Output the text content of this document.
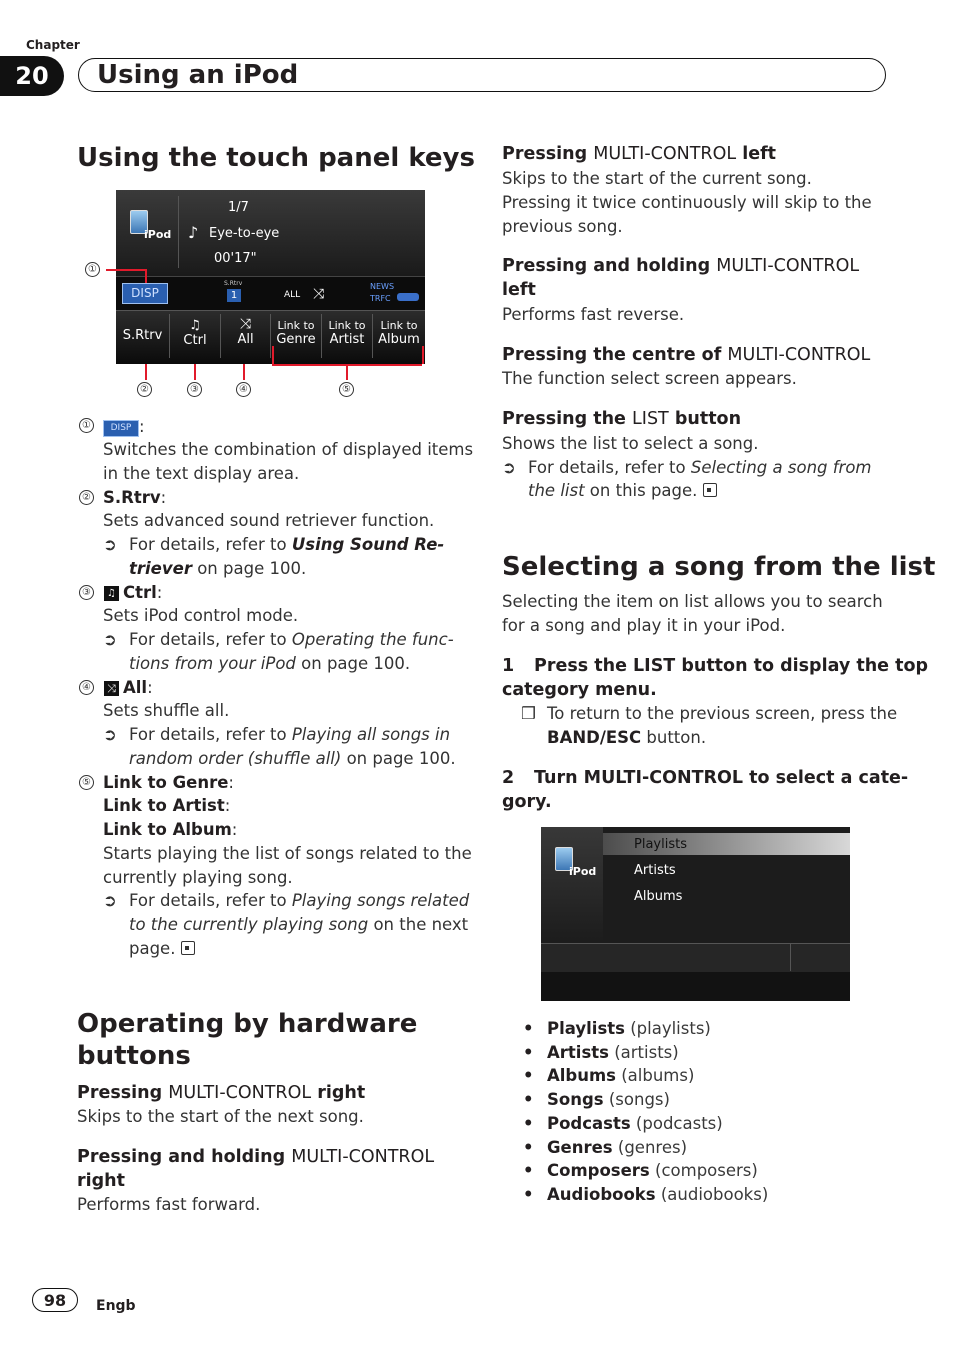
Chapter
20	Using an iPod
Using the touch panel keys
iPod
1/7
♪ Eye-to-eye
00'17"
DISP
S.Rtrv
1	ALL ⤨	NEWS
TRFC
S.Rtrv
♫
Ctrl
⤨
All
Link to
Genre
Link to
Artist
Link to
Album
①
②	③	④	⑤
①	DISP :
Switches the combination of displayed items
in the text display area.
② S.Rtrv:
Sets advanced sound retriever function.
➲ For details, refer to Using Sound Re-
triever on page 100.
③	♫ Ctrl:
Sets iPod control mode.
➲ For details, refer to Operating the func-
tions from your iPod on page 100.
④ ⤨ All:
Sets shuffle all.
➲ For details, refer to Playing all songs in
random order (shuffle all) on page 100.
⑤ Link to Genre:
Link to Artist:
Link to Album:
Starts playing the list of songs related to the
currently playing song.
➲ For details, refer to Playing songs related
to the currently playing song on the next
page.
Operating by hardware
buttons
Pressing MULTI-CONTROL right
Skips to the start of the next song.
Pressing and holding MULTI-CONTROL
right
Performs fast forward.
Pressing MULTI-CONTROL left
Skips to the start of the current song.
Pressing it twice continuously will skip to the
previous song.
Pressing and holding MULTI-CONTROL
left
Performs fast reverse.
Pressing the centre of MULTI-CONTROL
The function select screen appears.
Pressing the LIST button
Shows the list to select a song.
➲ For details, refer to Selecting a song from
the list on this page.
Selecting a song from the list
Selecting the item on list allows you to search
for a song and play it in your iPod.
1 Press the LIST button to display the top
category menu.
❒ To return to the previous screen, press the
BAND/ESC button.
2 Turn MULTI-CONTROL to select a cate-
gory.
iPod
Playlists
Artists
Albums
• Playlists (playlists)
• Artists (artists)
• Albums (albums)
• Songs (songs)
• Podcasts (podcasts)
• Genres (genres)
• Composers (composers)
• Audiobooks (audiobooks)
98	Engb
